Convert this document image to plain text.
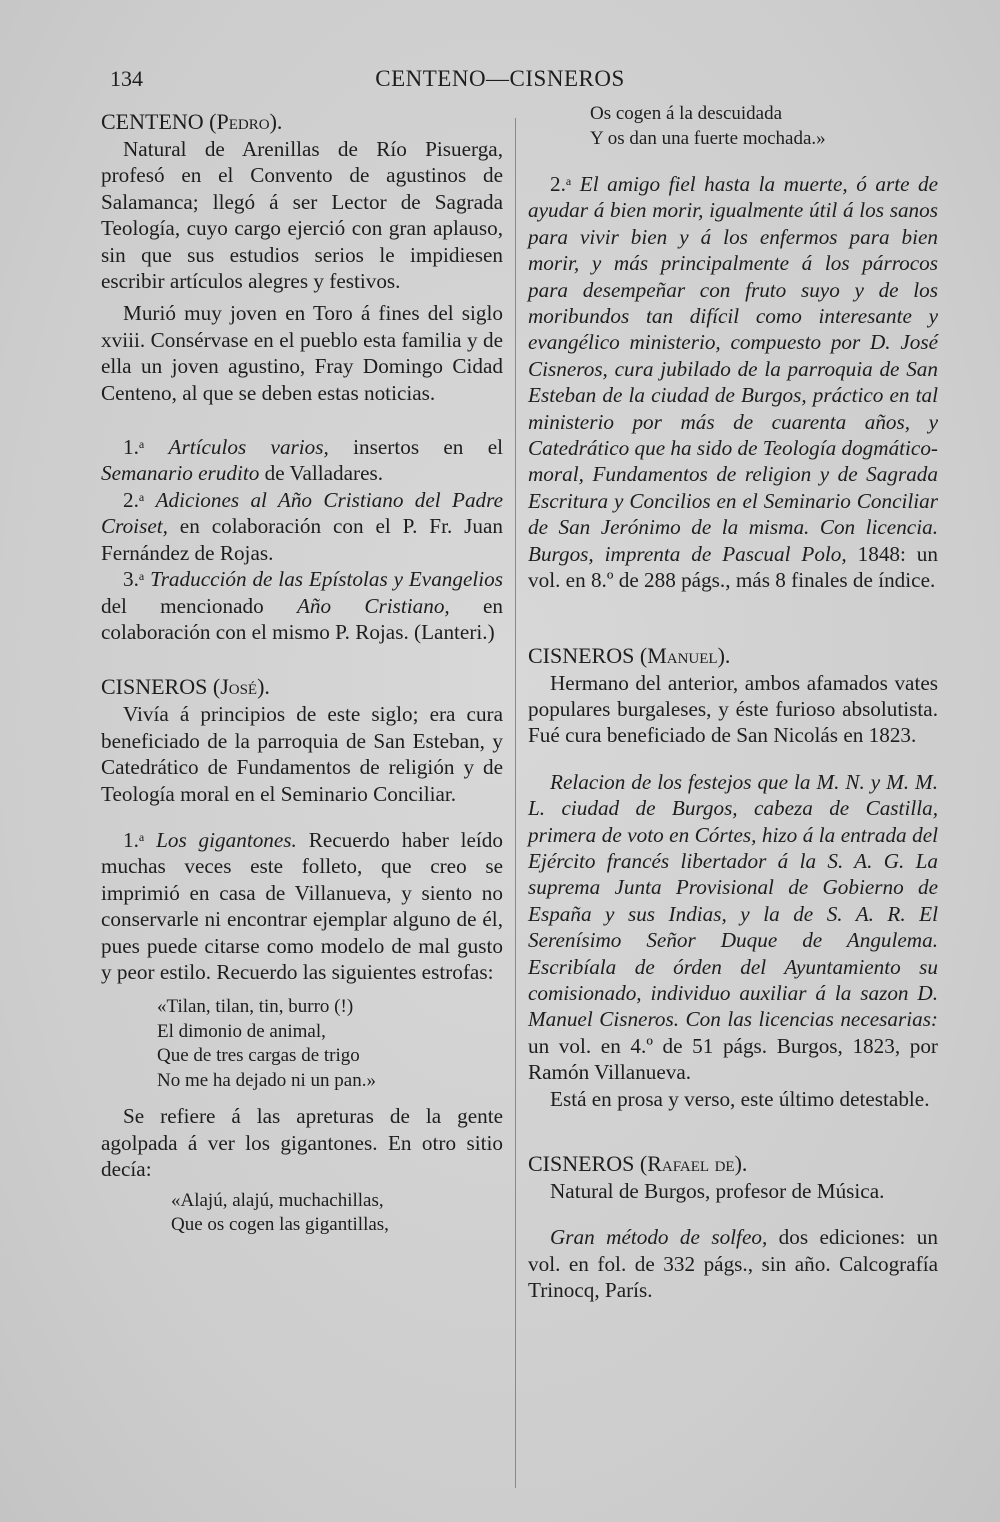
134	CENTENO—CISNEROS

CENTENO (Pedro).

Natural de Arenillas de Río Pisuerga, profesó en el Convento de agustinos de Salamanca; llegó á ser Lector de Sagrada Teología, cuyo cargo ejerció con gran aplauso, sin que sus estudios serios le impidiesen escribir artículos alegres y festivos.

Murió muy joven en Toro á fines del siglo xviii. Consérvase en el pueblo esta familia y de ella un joven agustino, Fray Domingo Cidad Centeno, al que se deben estas noticias.

1.$^a$ Artículos varios, insertos en el Semanario erudito de Valladares.

2.$^a$ Adiciones al Año Cristiano del Padre Croiset, en colaboración con el P. Fr. Juan Fernández de Rojas.

3.$^a$ Traducción de las Epístolas y Evangelios del mencionado Año Cristiano, en colaboración con el mismo P. Rojas. (Lanteri.)

CISNEROS (José).

Vivía á principios de este siglo; era cura beneficiado de la parroquia de San Esteban, y Catedrático de Fundamentos de religión y de Teología moral en el Seminario Conciliar.

1.$^a$ Los gigantones. Recuerdo haber leído muchas veces este folleto, que creo se imprimió en casa de Villanueva, y siento no conservarle ni encontrar ejemplar alguno de él, pues puede citarse como modelo de mal gusto y peor estilo. Recuerdo las siguientes estrofas:

«Tilan, tilan, tin, burro (!)
El dimonio de animal,
Que de tres cargas de trigo
No me ha dejado ni un pan.»

Se refiere á las apreturas de la gente agolpada á ver los gigantones. En otro sitio decía:

«Alajú, alajú, muchachillas,
Que os cogen las gigantillas,
Os cogen á la descuidada
Y os dan una fuerte mochada.»

2.$^a$ El amigo fiel hasta la muerte, ó arte de ayudar á bien morir, igualmente útil á los sanos para vivir bien y á los enfermos para bien morir, y más principalmente á los párrocos para desempeñar con fruto suyo y de los moribundos tan difícil como interesante y evangélico ministerio, compuesto por D. José Cisneros, cura jubilado de la parroquia de San Esteban de la ciudad de Burgos, práctico en tal ministerio por más de cuarenta años, y Catedrático que ha sido de Teología dogmático-moral, Fundamentos de religion y de Sagrada Escritura y Concilios en el Seminario Conciliar de San Jerónimo de la misma. Con licencia. Burgos, imprenta de Pascual Polo, 1848: un vol. en 8.º de 288 págs., más 8 finales de índice.

CISNEROS (Manuel).

Hermano del anterior, ambos afamados vates populares burgaleses, y éste furioso absolutista. Fué cura beneficiado de San Nicolás en 1823.

Relacion de los festejos que la M. N. y M. M. L. ciudad de Burgos, cabeza de Castilla, primera de voto en Córtes, hizo á la entrada del Ejército francés libertador á la S. A. G. La suprema Junta Provisional de Gobierno de España y sus Indias, y la de S. A. R. El Serenísimo Señor Duque de Angulema. Escribíala de órden del Ayuntamiento su comisionado, individuo auxiliar á la sazon D. Manuel Cisneros. Con las licencias necesarias: un vol. en 4.º de 51 págs. Burgos, 1823, por Ramón Villanueva.

Está en prosa y verso, este último detestable.

CISNEROS (Rafael de).

Natural de Burgos, profesor de Música.

Gran método de solfeo, dos ediciones: un vol. en fol. de 332 págs., sin año. Calcografía Trinocq, París.
